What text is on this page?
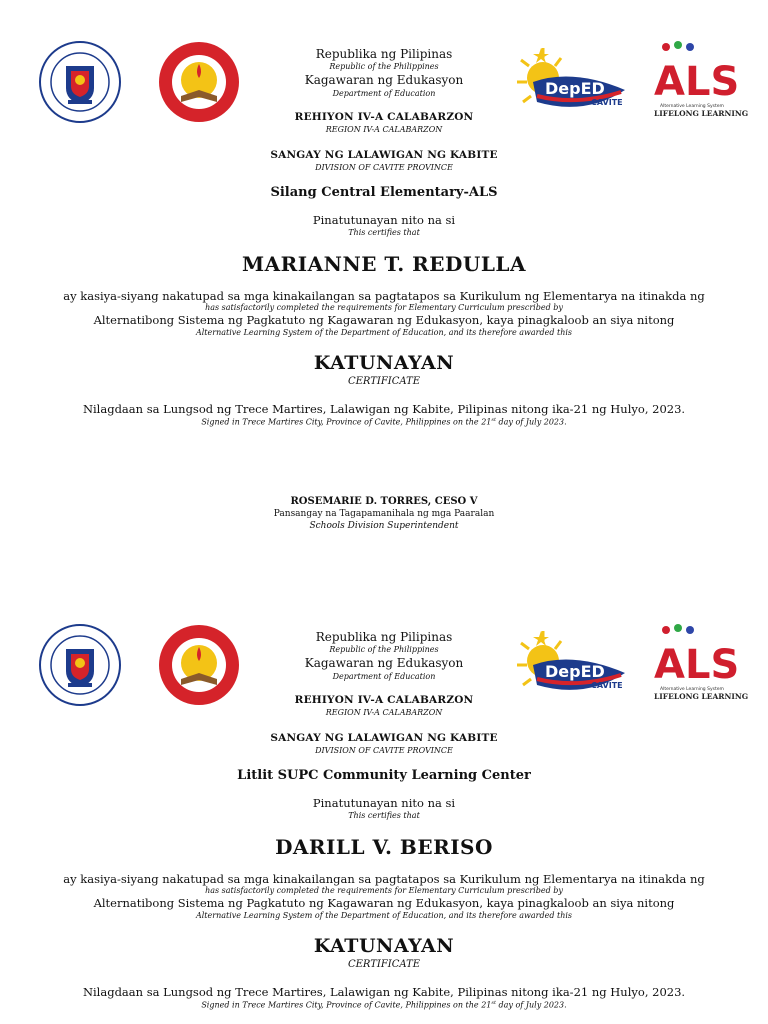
DepED
CAVITE ALS
Alternative Learning System
LIFELONG LEARNING
Republika ng Pilipinas
Republic of the Philippines
Kagawaran ng Edukasyon
Department of Education
REHIYON IV-A CALABARZON
REGION IV-A CALABARZON
SANGAY NG LALAWIGAN NG KABITE
DIVISION OF CAVITE PROVINCE
Silang Central Elementary-ALS
Pinatutunayan nito na si
This certifies that
MARIANNE T. REDULLA
ay kasiya-siyang nakatupad sa mga kinakailangan sa pagtatapos sa Kurikulum ng Elementarya na itinakda ng
has satisfactorily completed the requirements for Elementary Curriculum prescribed by
Alternatibong Sistema ng Pagkatuto ng Kagawaran ng Edukasyon, kaya pinagkaloob an siya nitong
Alternative Learning System of the Department of Education, and its therefore awarded this
KATUNAYAN
CERTIFICATE
Nilagdaan sa Lungsod ng Trece Martires, Lalawigan ng Kabite, Pilipinas nitong ika-21 ng Hulyo, 2023.
Signed in Trece Martires City, Province of Cavite, Philippines on the 21st day of July 2023.
ROSEMARIE D. TORRES, CESO V
Pansangay na Tagapamanihala ng mga Paaralan
Schools Division Superintendent
DepED
CAVITE ALS
Alternative Learning System
LIFELONG LEARNING
Republika ng Pilipinas
Republic of the Philippines
Kagawaran ng Edukasyon
Department of Education
REHIYON IV-A CALABARZON
REGION IV-A CALABARZON
SANGAY NG LALAWIGAN NG KABITE
DIVISION OF CAVITE PROVINCE
Litlit SUPC Community Learning Center
Pinatutunayan nito na si
This certifies that
DARILL V. BERISO
ay kasiya-siyang nakatupad sa mga kinakailangan sa pagtatapos sa Kurikulum ng Elementarya na itinakda ng
has satisfactorily completed the requirements for Elementary Curriculum prescribed by
Alternatibong Sistema ng Pagkatuto ng Kagawaran ng Edukasyon, kaya pinagkaloob an siya nitong
Alternative Learning System of the Department of Education, and its therefore awarded this
KATUNAYAN
CERTIFICATE
Nilagdaan sa Lungsod ng Trece Martires, Lalawigan ng Kabite, Pilipinas nitong ika-21 ng Hulyo, 2023.
Signed in Trece Martires City, Province of Cavite, Philippines on the 21st day of July 2023.
